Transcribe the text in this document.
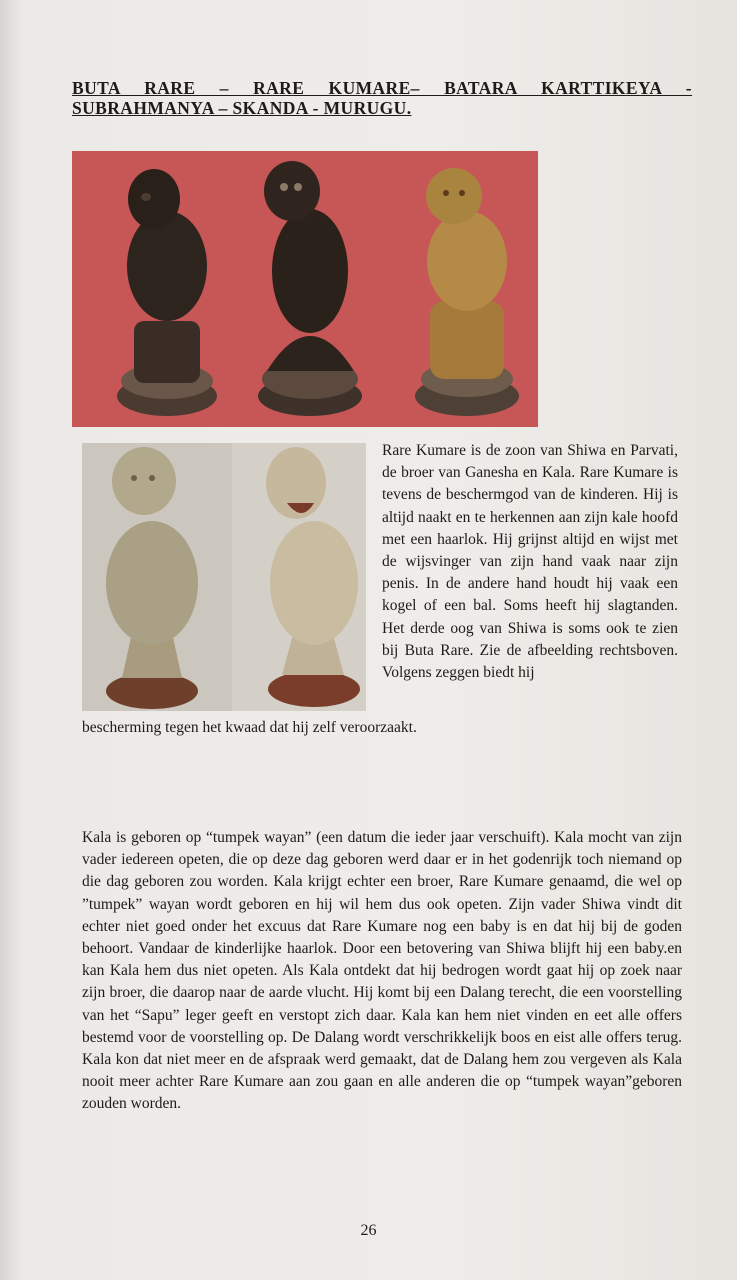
BUTA RARE – RARE KUMARE– BATARA KARTTIKEYA -
SUBRAHMANYA – SKANDA - MURUGU.
Rare Kumare is de zoon van Shiwa en Parvati, de broer van Ganesha en Kala. Rare Kumare is tevens de beschermgod van de kinderen. Hij is altijd naakt en te herkennen aan zijn kale hoofd met een haarlok. Hij grijnst altijd en wijst met de wijsvinger van zijn hand vaak naar zijn penis. In de andere hand houdt hij vaak een kogel of een bal. Soms heeft hij slagtanden. Het derde oog van Shiwa is soms ook te zien bij Buta Rare. Zie de afbeelding rechtsboven. Volgens zeggen biedt hij
bescherming tegen het kwaad dat hij zelf veroorzaakt.
Kala is geboren op “tumpek wayan” (een datum die ieder jaar verschuift). Kala mocht van zijn vader iedereen opeten, die op deze dag geboren werd daar er in het godenrijk toch niemand op die dag geboren zou worden. Kala krijgt echter een broer, Rare Kumare genaamd, die wel op ”tumpek” wayan wordt geboren en hij wil hem dus ook opeten. Zijn vader Shiwa vindt dit echter niet goed onder het excuus dat Rare Kumare nog een baby is en dat hij bij de goden behoort. Vandaar de kinderlijke haarlok. Door een betovering van Shiwa blijft hij een baby.en kan Kala hem dus niet opeten. Als Kala ontdekt dat hij bedrogen wordt gaat hij op zoek naar zijn broer, die daarop naar de aarde vlucht. Hij komt bij een Dalang terecht, die een voorstelling van het “Sapu” leger geeft en verstopt zich daar. Kala kan hem niet vinden en eet alle offers bestemd voor de voorstelling op. De Dalang wordt verschrikkelijk boos en eist alle offers terug. Kala kon dat niet meer en de afspraak werd gemaakt, dat de Dalang hem zou vergeven als Kala nooit meer achter Rare Kumare aan zou gaan en alle anderen die op “tumpek wayan”geboren zouden worden.
26
